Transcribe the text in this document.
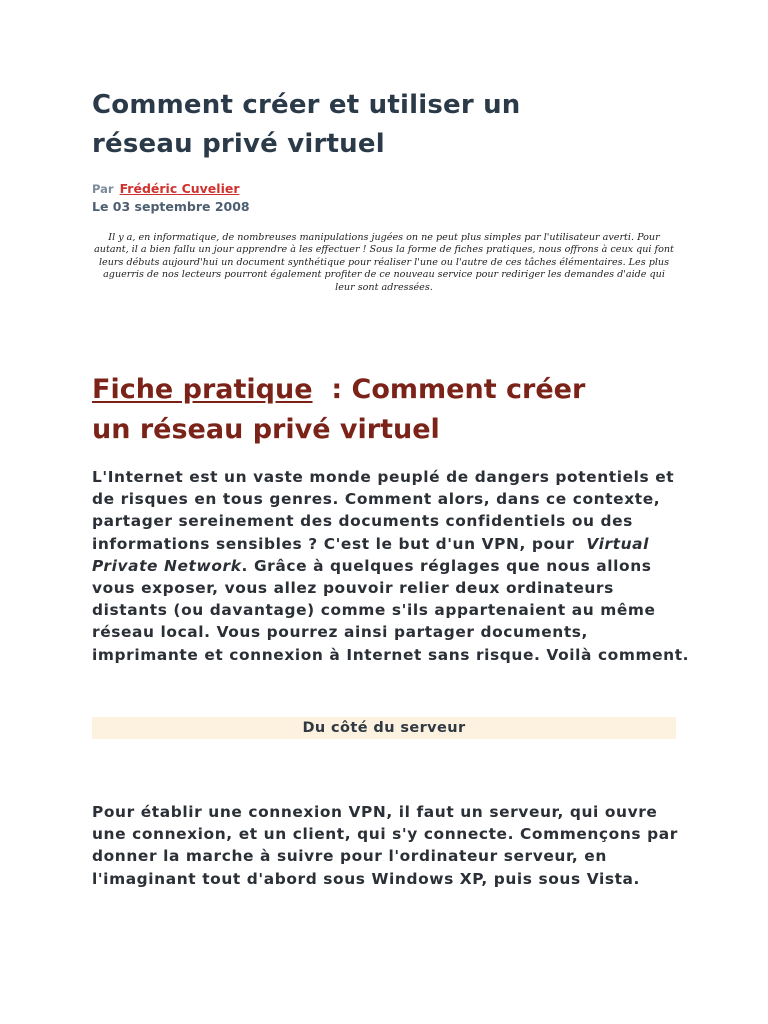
Comment créer et utiliser un
réseau privé virtuel
Par Frédéric Cuvelier
Le 03 septembre 2008

Il y a, en informatique, de nombreuses manipulations jugées on ne peut plus simples par l'utilisateur averti. Pour autant, il a bien fallu un jour apprendre à les effectuer ! Sous la forme de fiches pratiques, nous offrons à ceux qui font leurs débuts aujourd'hui un document synthétique pour réaliser l'une ou l'autre de ces tâches élémentaires. Les plus aguerris de nos lecteurs pourront également profiter de ce nouveau service pour rediriger les demandes d'aide qui leur sont adressées.

Fiche pratique  : Comment créer
un réseau privé virtuel

L'Internet est un vaste monde peuplé de dangers potentiels et de risques en tous genres. Comment alors, dans ce contexte, partager sereinement des documents confidentiels ou des informations sensibles ? C'est le but d'un VPN, pour  Virtual Private Network. Grâce à quelques réglages que nous allons vous exposer, vous allez pouvoir relier deux ordinateurs distants (ou davantage) comme s'ils appartenaient au même réseau local. Vous pourrez ainsi partager documents, imprimante et connexion à Internet sans risque. Voilà comment.

Du côté du serveur

Pour établir une connexion VPN, il faut un serveur, qui ouvre une connexion, et un client, qui s'y connecte. Commençons par donner la marche à suivre pour l'ordinateur serveur, en l'imaginant tout d'abord sous Windows XP, puis sous Vista.
